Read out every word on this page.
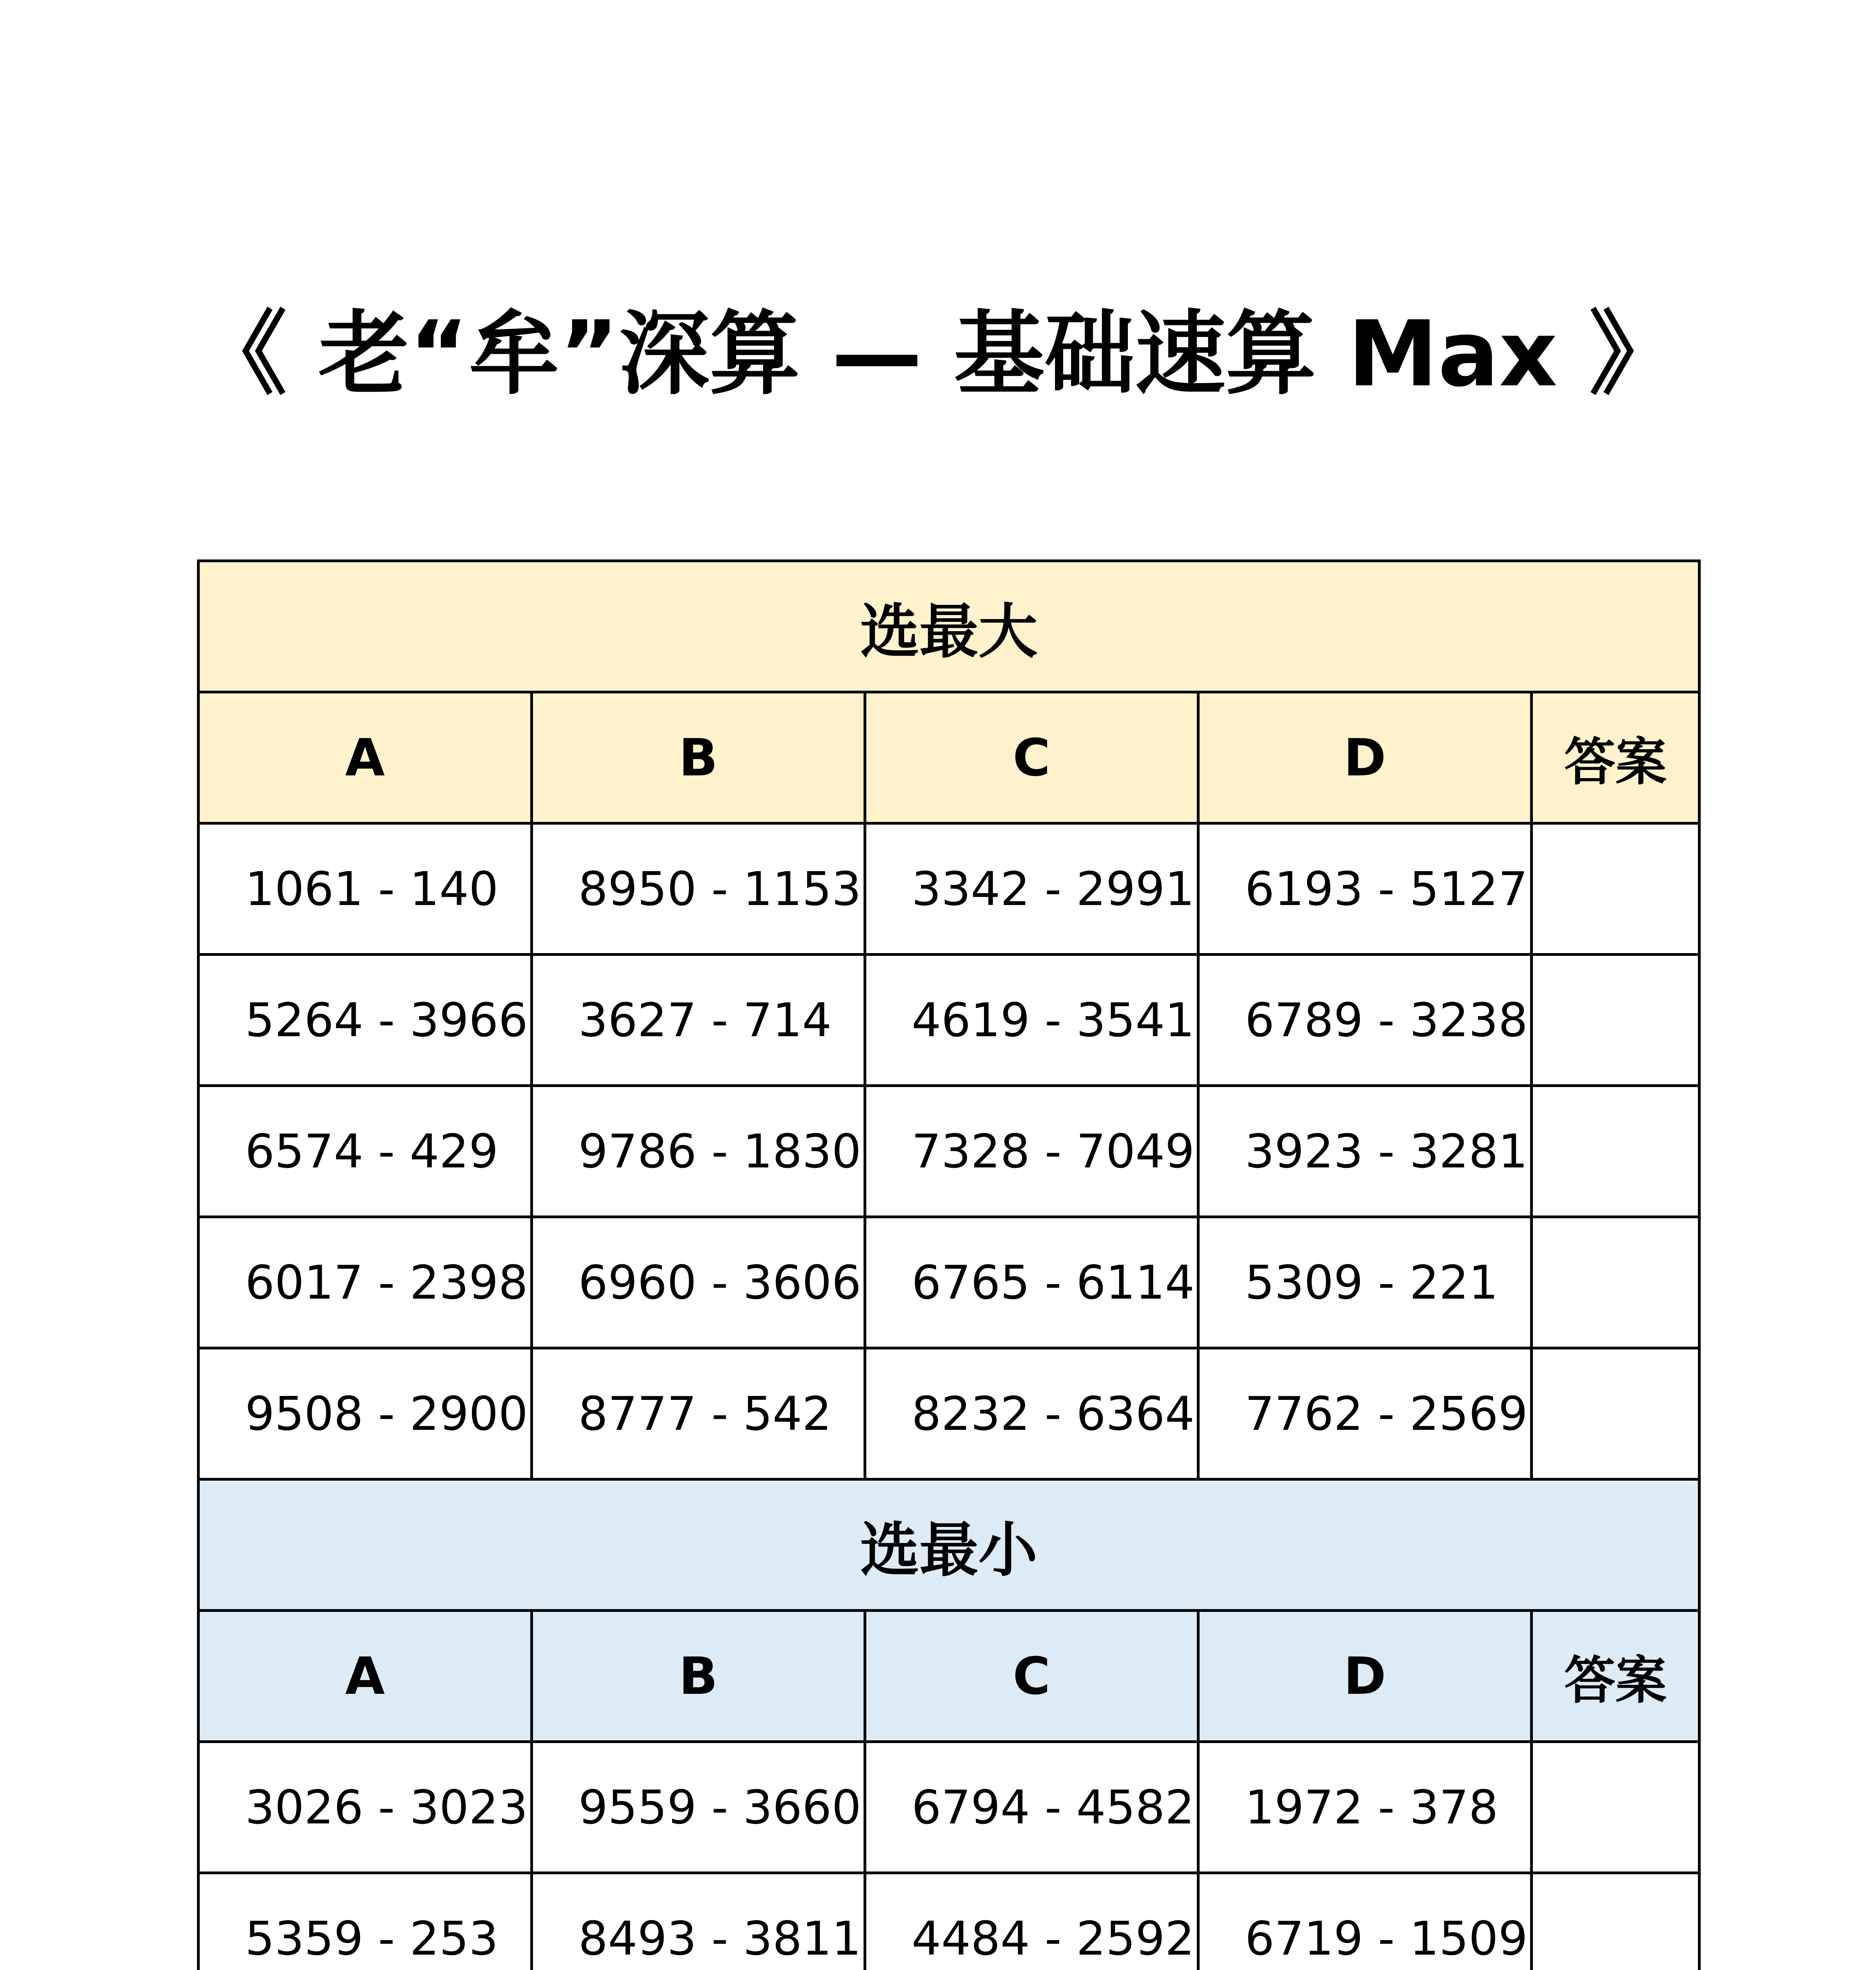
《 老“牟”深算 — 基础速算 Max 》
选最大				
A	B	C	D	答案
1061 - 140	8950 - 1153	3342 - 2991	6193 - 5127	
5264 - 3966	3627 - 714	4619 - 3541	6789 - 3238	
6574 - 429	9786 - 1830	7328 - 7049	3923 - 3281	
6017 - 2398	6960 - 3606	6765 - 6114	5309 - 221	
9508 - 2900	8777 - 542	8232 - 6364	7762 - 2569	
选最小				
A	B	C	D	答案
3026 - 3023	9559 - 3660	6794 - 4582	1972 - 378	
5359 - 253	8493 - 3811	4484 - 2592	6719 - 1509	
